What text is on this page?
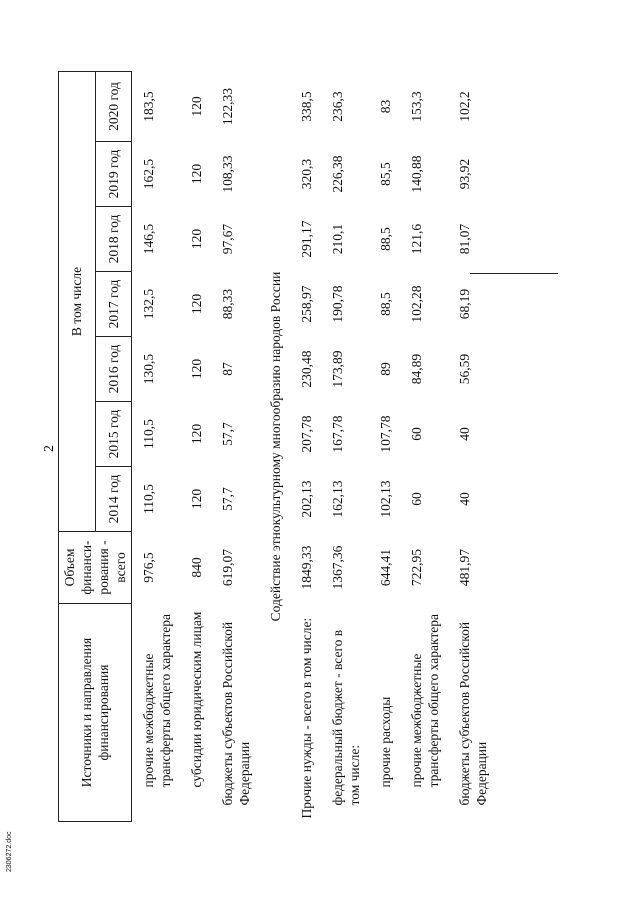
2
2306272.doc
Источники и направления финансирования	Объем финанси-рования - всего	В том числе						
		2014 год	2015 год	2016 год	2017 год	2018 год	2019 год	2020 год
прочие межбюджетные трансферты общего характера	976,5	110,5	110,5	130,5	132,5	146,5	162,5	183,5
субсидии юридическим лицам	840	120	120	120	120	120	120	120
бюджеты субъектов Российской Федерации	619,07	57,7	57,7	87	88,33	97,67	108,33	122,33
Содействие этнокультурному многообразию народов России								
Прочие нужды - всего в том числе:	1849,33	202,13	207,78	230,48	258,97	291,17	320,3	338,5
федеральный бюджет - всего в том числе:	1367,36	162,13	167,78	173,89	190,78	210,1	226,38	236,3
прочие расходы	644,41	102,13	107,78	89	88,5	88,5	85,5	83
прочие межбюджетные трансферты общего характера	722,95	60	60	84,89	102,28	121,6	140,88	153,3
бюджеты субъектов Российской Федерации	481,97	40	40	56,59	68,19	81,07	93,92	102,2
